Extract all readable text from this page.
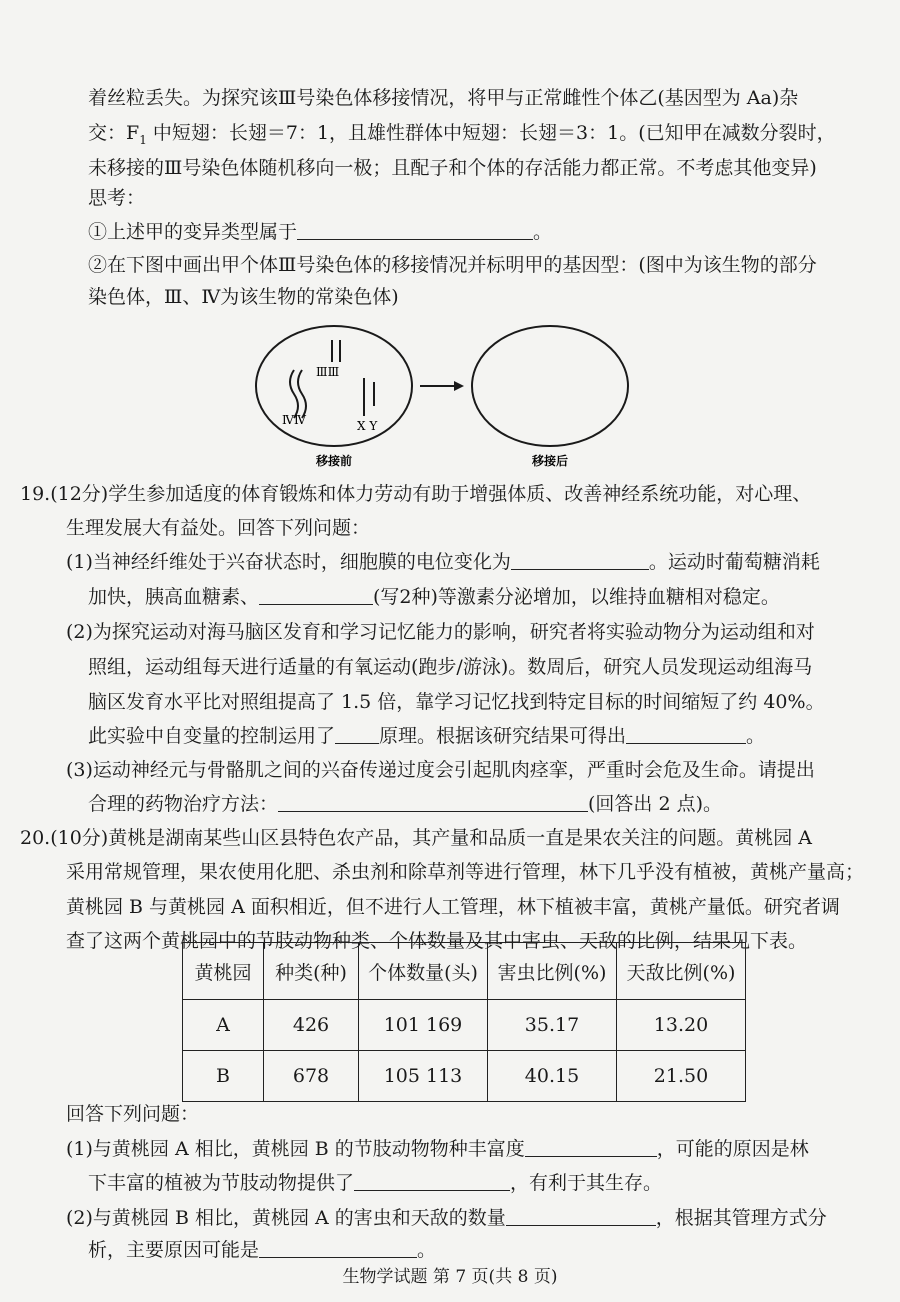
着丝粒丢失。为探究该Ⅲ号染色体移接情况，将甲与正常雌性个体乙(基因型为 Aa)杂
交：$F_1$ 中短翅：长翅＝7：1，且雄性群体中短翅：长翅＝3：1。(已知甲在减数分裂时，
未移接的Ⅲ号染色体随机移向一极；且配子和个体的存活能力都正常。不考虑其他变异)
思考：
①上述甲的变异类型属于	。
②在下图中画出甲个体Ⅲ号染色体的移接情况并标明甲的基因型：(图中为该生物的部分
染色体，Ⅲ、Ⅳ为该生物的常染色体)
ⅢⅢ
ⅣⅣ	X Y
移接前	移接后
19.(12分)学生参加适度的体育锻炼和体力劳动有助于增强体质、改善神经系统功能，对心理、
生理发展大有益处。回答下列问题：
(1)当神经纤维处于兴奋状态时，细胞膜的电位变化为	。运动时葡萄糖消耗
加快，胰高血糖素、	(写2种)等激素分泌增加，以维持血糖相对稳定。
(2)为探究运动对海马脑区发育和学习记忆能力的影响，研究者将实验动物分为运动组和对
照组，运动组每天进行适量的有氧运动(跑步/游泳)。数周后，研究人员发现运动组海马
脑区发育水平比对照组提高了 1.5 倍，靠学习记忆找到特定目标的时间缩短了约 40%。
此实验中自变量的控制运用了 原理。根据该研究结果可得出	。
(3)运动神经元与骨骼肌之间的兴奋传递过度会引起肌肉痉挛，严重时会危及生命。请提出
合理的药物治疗方法：	(回答出 2 点)。
20.(10分)黄桃是湖南某些山区县特色农产品，其产量和品质一直是果农关注的问题。黄桃园 A
采用常规管理，果农使用化肥、杀虫剂和除草剂等进行管理，林下几乎没有植被，黄桃产量高；
黄桃园 B 与黄桃园 A 面积相近，但不进行人工管理，林下植被丰富，黄桃产量低。研究者调
查了这两个黄桃园中的节肢动物种类、个体数量及其中害虫、天敌的比例，结果见下表。
黄桃园	种类(种)	个体数量(头)	害虫比例(%)	天敌比例(%)
A	426	101 169	35.17	13.20
B	678	105 113	40.15	21.50
回答下列问题：
(1)与黄桃园 A 相比，黄桃园 B 的节肢动物物种丰富度	，可能的原因是林
下丰富的植被为节肢动物提供了	，有利于其生存。
(2)与黄桃园 B 相比，黄桃园 A 的害虫和天敌的数量	，根据其管理方式分
析，主要原因可能是	。
生物学试题 第 7 页(共 8 页)
